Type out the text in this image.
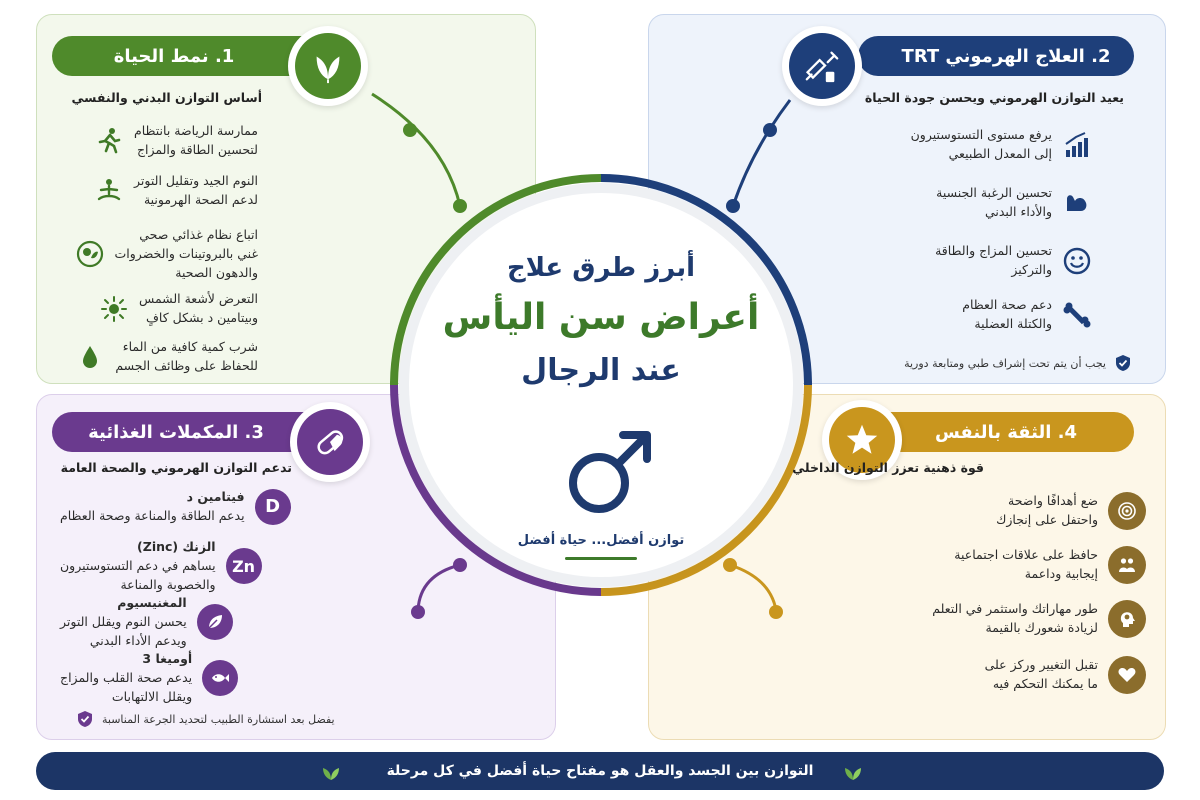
1. نمط الحياة
أساس التوازن البدني والنفسي
ممارسة الرياضة بانتظام
لتحسين الطاقة والمزاج
النوم الجيد وتقليل التوتر
لدعم الصحة الهرمونية
اتباع نظام غذائي صحي
غني بالبروتينات والخضروات
والدهون الصحية
التعرض لأشعة الشمس
وبيتامين د بشكل كافٍ
شرب كمية كافية من الماء
للحفاظ على وظائف الجسم
2. العلاج الهرموني TRT
يعيد التوازن الهرموني ويحسن جودة الحياة
يرفع مستوى التستوستيرون
إلى المعدل الطبيعي
تحسين الرغبة الجنسية
والأداء البدني
تحسين المزاج والطاقة
والتركيز
دعم صحة العظام
والكتلة العضلية
يجب أن يتم تحت إشراف طبي ومتابعة دورية
3. المكملات الغذائية
تدعم التوازن الهرموني والصحة العامة
D
فيتامين د
يدعم الطاقة والمناعة وصحة العظام
Zn
الزنك (Zinc)
يساهم في دعم التستوستيرون
والخصوبة والمناعة
المغنيسيوم
يحسن النوم ويقلل التوتر
ويدعم الأداء البدني
أوميغا 3
يدعم صحة القلب والمزاج
ويقلل الالتهابات
يفضل بعد استشارة الطبيب لتحديد الجرعة المناسبة
4. الثقة بالنفس
قوة ذهنية تعزز التوازن الداخلي
ضع أهدافًا واضحة
واحتفل على إنجازك
حافظ على علاقات اجتماعية
إيجابية وداعمة
طور مهاراتك واستثمر في التعلم
لزيادة شعورك بالقيمة
تقبل التغيير وركز على
ما يمكنك التحكم فيه
أبرز طرق علاج
أعراض سن اليأس
عند الرجال
توازن أفضل... حياة أفضل
التوازن بين الجسد والعقل هو مفتاح حياة أفضل في كل مرحلة
